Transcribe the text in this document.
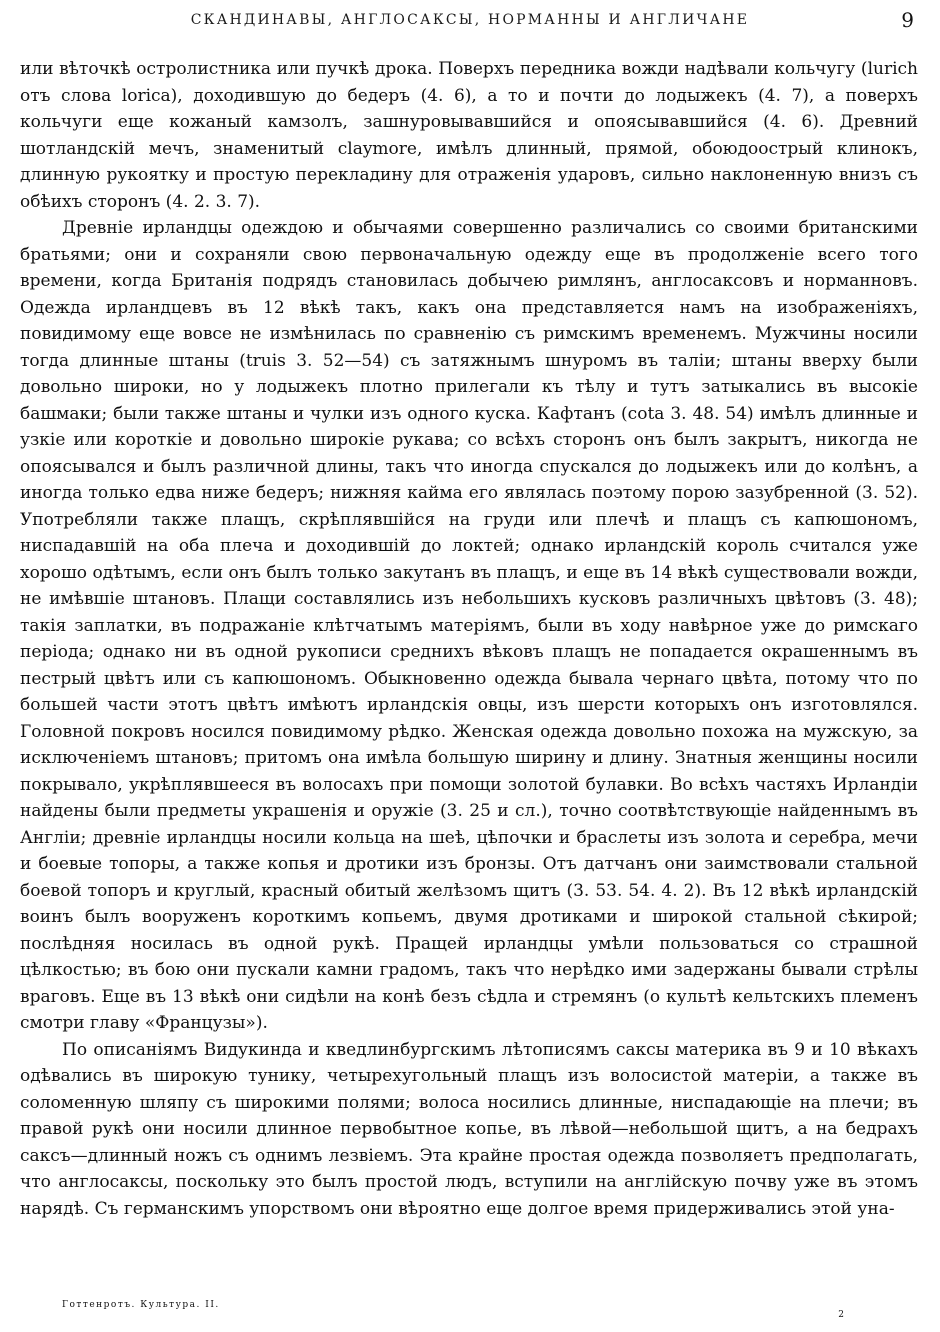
СКАНДИНАВЫ, АНГЛОСАКСЫ, НОРМАННЫ И АНГЛИЧАНЕ	9

или вѣточкѣ остролистника или пучкѣ дрока. Поверхъ передника вожди надѣвали кольчугу (lurich отъ слова lorica), доходившую до бедеръ (4. 6), а то и почти до лодыжекъ (4. 7), а поверхъ кольчуги еще кожаный камзолъ, зашнуровывавшийся и опоясывавшийся (4. 6). Древний шотландскій мечъ, знаменитый claymore, имѣлъ длинный, прямой, обоюдоострый клинокъ, длинную рукоятку и простую перекладину для отраженія ударовъ, сильно наклоненную внизъ съ обѣихъ сторонъ (4. 2. 3. 7).

Древніе ирландцы одеждою и обычаями совершенно различались со своими британскими братьями; они и сохраняли свою первоначальную одежду еще въ продолженіе всего того времени, когда Британія подрядъ становилась добычею римлянъ, англосаксовъ и норманновъ. Одежда ирландцевъ въ 12 вѣкѣ такъ, какъ она представляется намъ на изображеніяхъ, повидимому еще вовсе не измѣнилась по сравненію съ римскимъ временемъ. Мужчины носили тогда длинные штаны (truis 3. 52—54) съ затяжнымъ шнуромъ въ таліи; штаны вверху были довольно широки, но у лодыжекъ плотно прилегали къ тѣлу и тутъ затыкались въ высокіе башмаки; были также штаны и чулки изъ одного куска. Кафтанъ (cota 3. 48. 54) имѣлъ длинные и узкіе или короткіе и довольно широкіе рукава; со всѣхъ сторонъ онъ былъ закрытъ, никогда не опоясывался и былъ различной длины, такъ что иногда спускался до лодыжекъ или до колѣнъ, а иногда только едва ниже бедеръ; нижняя кайма его являлась поэтому порою зазубренной (3. 52). Употребляли также плащъ, скрѣплявшійся на груди или плечѣ и плащъ съ капюшономъ, ниспадавшій на оба плеча и доходившій до локтей; однако ирландскій король считался уже хорошо одѣтымъ, если онъ былъ только закутанъ въ плащъ, и еще въ 14 вѣкѣ существовали вожди, не имѣвшіе штановъ. Плащи составлялись изъ небольшихъ кусковъ различныхъ цвѣтовъ (3. 48); такія заплатки, въ подражаніе клѣтчатымъ матеріямъ, были въ ходу навѣрное уже до римскаго періода; однако ни въ одной рукописи среднихъ вѣковъ плащъ не попадается окрашеннымъ въ пестрый цвѣтъ или съ капюшономъ. Обыкновенно одежда бывала чернаго цвѣта, потому что по большей части этотъ цвѣтъ имѣютъ ирландскія овцы, изъ шерсти которыхъ онъ изготовлялся. Головной покровъ носился повидимому рѣдко. Женская одежда довольно похожа на мужскую, за исключеніемъ штановъ; притомъ она имѣла большую ширину и длину. Знатныя женщины носили покрывало, укрѣплявшееся въ волосахъ при помощи золотой булавки. Во всѣхъ частяхъ Ирландіи найдены были предметы украшенія и оружіе (3. 25 и сл.), точно соотвѣтствующіе найденнымъ въ Англіи; древніе ирландцы носили кольца на шеѣ, цѣпочки и браслеты изъ золота и серебра, мечи и боевые топоры, а также копья и дротики изъ бронзы. Отъ датчанъ они заимствовали стальной боевой топоръ и круглый, красный обитый желѣзомъ щитъ (3. 53. 54. 4. 2). Въ 12 вѣкѣ ирландскій воинъ былъ вооруженъ короткимъ копьемъ, двумя дротиками и широкой стальной сѣкирой; послѣдняя носилась въ одной рукѣ. Пращей ирландцы умѣли пользоваться со страшной цѣлкостью; въ бою они пускали камни градомъ, такъ что нерѣдко ими задержаны бывали стрѣлы враговъ. Еще въ 13 вѣкѣ они сидѣли на конѣ безъ сѣдла и стремянъ (о культѣ кельтскихъ племенъ смотри главу «Французы»).

По описаніямъ Видукинда и кведлинбургскимъ лѣтописямъ саксы материка въ 9 и 10 вѣкахъ одѣвались въ широкую тунику, четырехугольный плащъ изъ волосистой матеріи, а также въ соломенную шляпу съ широкими полями; волоса носились длинные, ниспадающіе на плечи; въ правой рукѣ они носили длинное первобытное копье, въ лѣвой—небольшой щитъ, а на бедрахъ саксъ—длинный ножъ съ однимъ лезвіемъ. Эта крайне простая одежда позволяетъ предполагать, что англосаксы, поскольку это былъ простой людъ, вступили на англійскую почву уже въ этомъ нарядѣ. Съ германскимъ упорствомъ они вѣроятно еще долгое время придерживались этой уна-

Готтенротъ. Культура. II.
2
